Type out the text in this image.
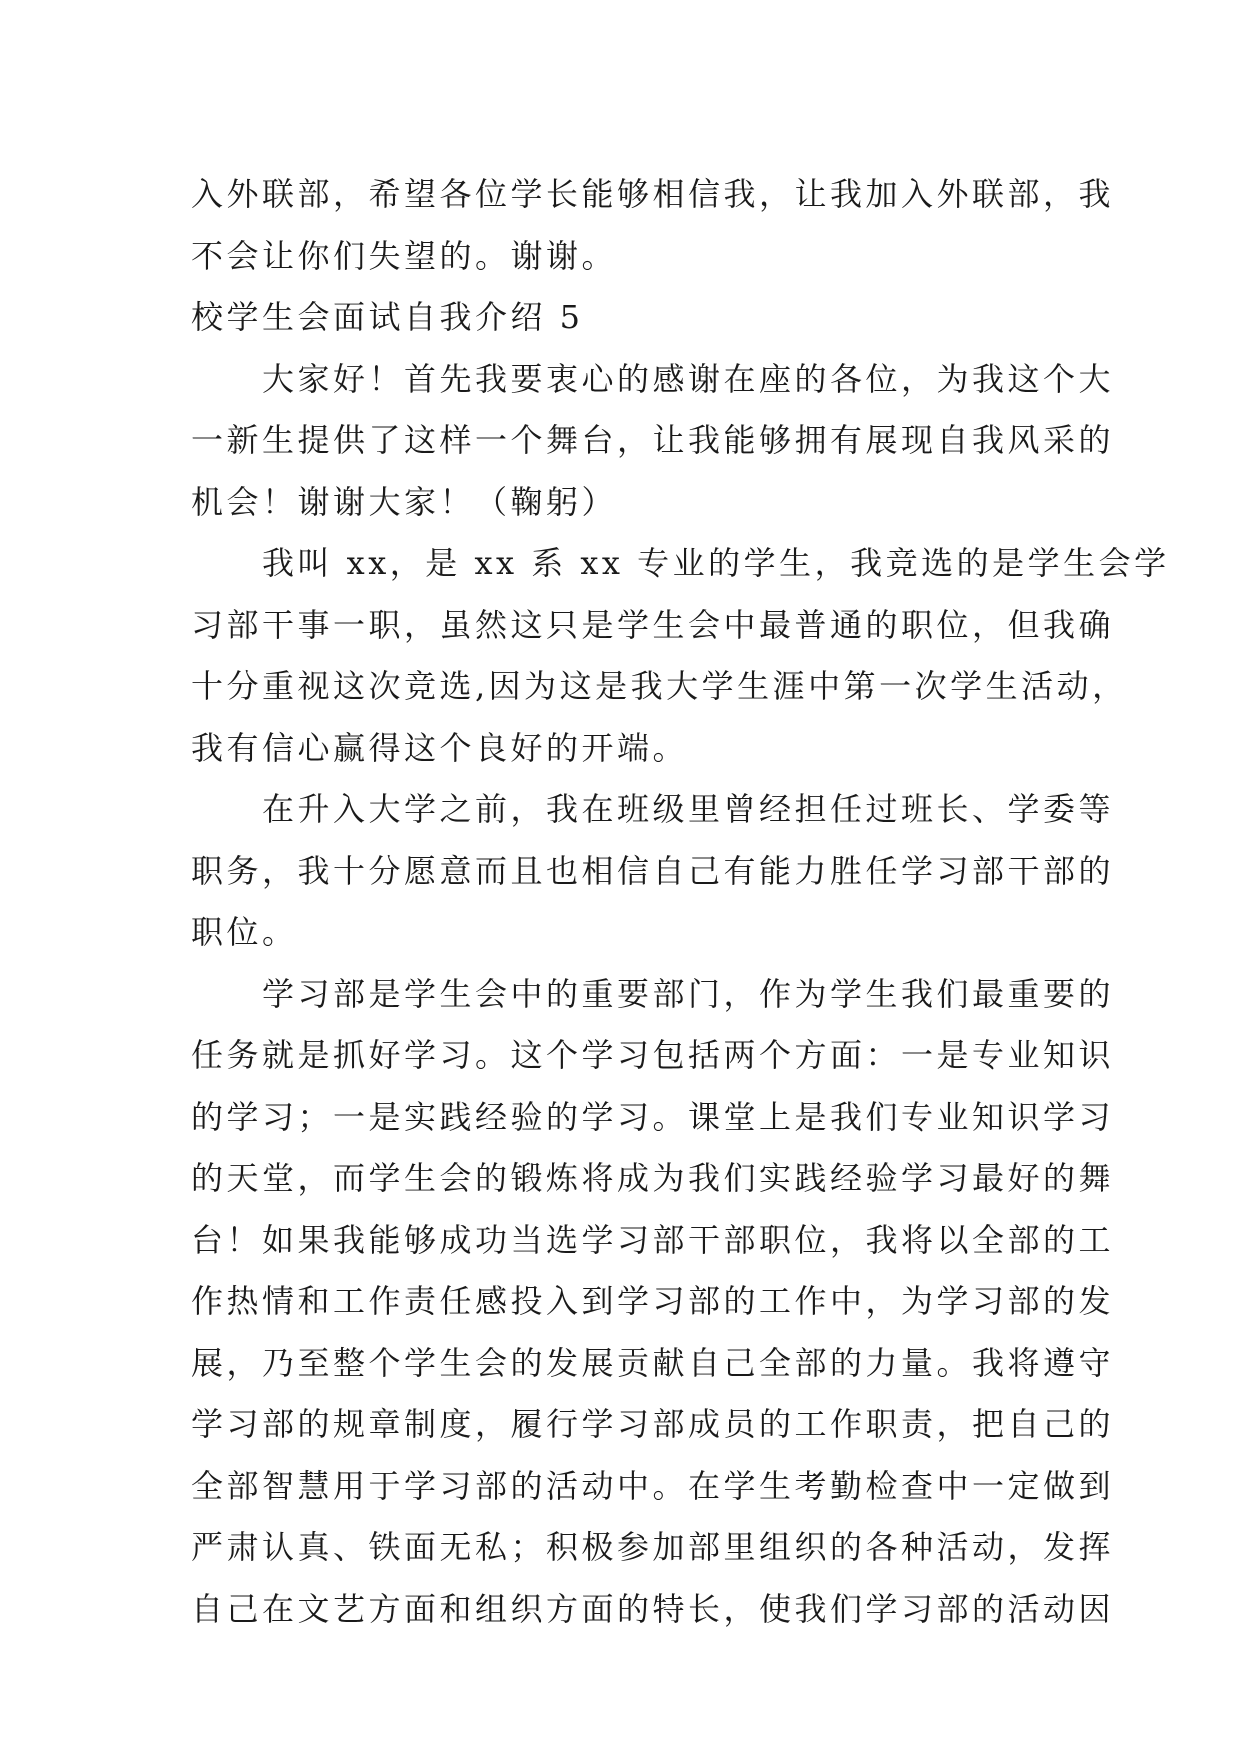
入外联部，希望各位学长能够相信我，让我加入外联部，我
不会让你们失望的。谢谢。
校学生会面试自我介绍 5
大家好！首先我要衷心的感谢在座的各位，为我这个大
一新生提供了这样一个舞台，让我能够拥有展现自我风采的
机会！谢谢大家！（鞠躬）
我叫 xx，是 xx 系 xx 专业的学生，我竞选的是学生会学
习部干事一职，虽然这只是学生会中最普通的职位，但我确
十分重视这次竞选,因为这是我大学生涯中第一次学生活动，
我有信心赢得这个良好的开端。
在升入大学之前，我在班级里曾经担任过班长、学委等
职务，我十分愿意而且也相信自己有能力胜任学习部干部的
职位。
学习部是学生会中的重要部门，作为学生我们最重要的
任务就是抓好学习。这个学习包括两个方面：一是专业知识
的学习；一是实践经验的学习。课堂上是我们专业知识学习
的天堂，而学生会的锻炼将成为我们实践经验学习最好的舞
台！如果我能够成功当选学习部干部职位，我将以全部的工
作热情和工作责任感投入到学习部的工作中，为学习部的发
展，乃至整个学生会的发展贡献自己全部的力量。我将遵守
学习部的规章制度，履行学习部成员的工作职责，把自己的
全部智慧用于学习部的活动中。在学生考勤检查中一定做到
严肃认真、铁面无私；积极参加部里组织的各种活动，发挥
自己在文艺方面和组织方面的特长，使我们学习部的活动因
